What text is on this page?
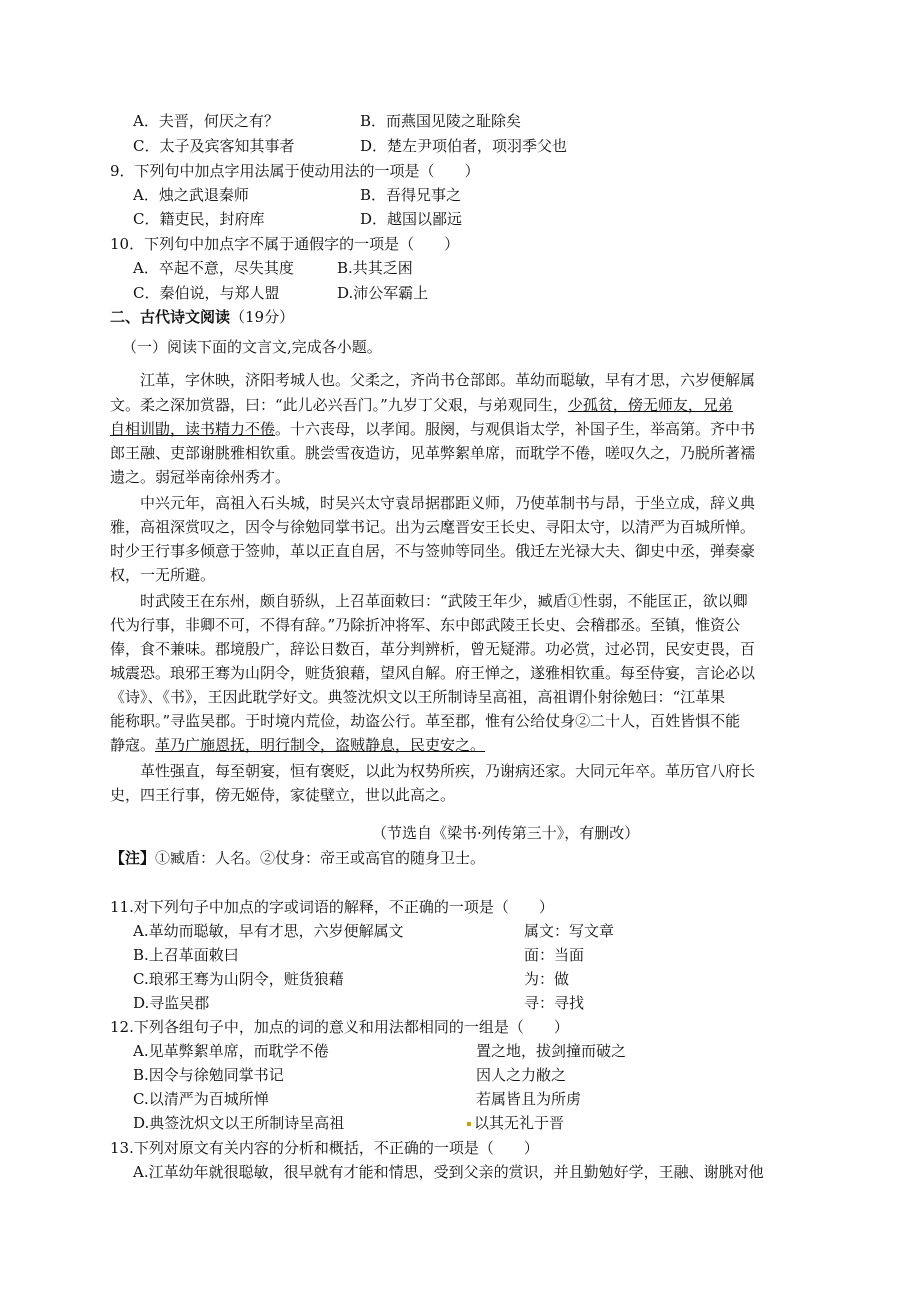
A．夫晋，何厌之有？	B．而燕国见陵之耻除矣
C．太子及宾客知其事者	D．楚左尹项伯者，项羽季父也
9．下列句中加点字用法属于使动用法的一项是（　　）
A．烛之武退秦师	B．吾得兄事之
C．籍吏民，封府库	D．越国以鄙远
10．下列句中加点字不属于通假字的一项是（　　）
A．卒起不意，尽失其度	B.共其乏困
C．秦伯说，与郑人盟	D.沛公军霸上
二、古代诗文阅读（19分）
（一）阅读下面的文言文,完成各小题。
江革，字休映，济阳考城人也。父柔之，齐尚书仓部郎。革幼而聪敏，早有才思，六岁便解属
文。柔之深加赏器，曰：“此儿必兴吾门。”九岁丁父艰，与弟观同生，少孤贫，傍无师友，兄弟
自相训勖，读书精力不倦。十六丧母，以孝闻。服阕，与观俱诣太学，补国子生，举高第。齐中书
郎王融、吏部谢朓雅相钦重。朓尝雪夜造访，见革弊絮单席，而耽学不倦，嗟叹久之，乃脱所著襦
遗之。弱冠举南徐州秀才。
中兴元年，高祖入石头城，时吴兴太守袁昂据郡距义师，乃使革制书与昂，于坐立成，辞义典
雅，高祖深赏叹之，因令与徐勉同掌书记。出为云麾晋安王长史、寻阳太守，以清严为百城所惮。
时少王行事多倾意于签帅，革以正直自居，不与签帅等同坐。俄迁左光禄大夫、御史中丞，弹奏豪
权，一无所避。
时武陵王在东州，颇自骄纵，上召革面敕曰：“武陵王年少，臧盾①性弱，不能匡正，欲以卿
代为行事，非卿不可，不得有辞。”乃除折冲将军、东中郎武陵王长史、会稽郡丞。至镇，惟资公
俸，食不兼味。郡境殷广，辞讼日数百，革分判辨析，曾无疑滞。功必赏，过必罚，民安吏畏，百
城震恐。琅邪王骞为山阴令，赃货狼藉，望风自解。府王惮之，遂雅相钦重。每至侍宴，言论必以
《诗》、《书》，王因此耽学好文。典签沈炽文以王所制诗呈高祖，高祖谓仆射徐勉曰：“江革果
能称职。”寻监吴郡。于时境内荒俭，劫盗公行。革至郡，惟有公给仗身②二十人，百姓皆惧不能
静寇。革乃广施恩抚，明行制令，盗贼静息，民吏安之。
革性强直，每至朝宴，恒有褒贬，以此为权势所疾，乃谢病还家。大同元年卒。革历官八府长
史，四王行事，傍无姬侍，家徒壁立，世以此高之。
（节选自《梁书·列传第三十》，有删改）
【注】①臧盾：人名。②仗身：帝王或高官的随身卫士。
11.对下列句子中加点的字或词语的解释，不正确的一项是（　　）
A.革幼而聪敏，早有才思，六岁便解属文	属文：写文章
B.上召革面敕曰	面：当面
C.琅邪王骞为山阴令，赃货狼藉	为：做
D.寻监吴郡	寻：寻找
12.下列各组句子中，加点的词的意义和用法都相同的一组是（　　）
A.见革弊絮单席，而耽学不倦	置之地，拔剑撞而破之
B.因令与徐勉同掌书记	因人之力敝之
C.以清严为百城所惮	若属皆且为所虏
D.典签沈炽文以王所制诗呈高祖	以其无礼于晋
13.下列对原文有关内容的分析和概括，不正确的一项是（　　）
A.江革幼年就很聪敏，很早就有才能和情思，受到父亲的赏识，并且勤勉好学，王融、谢朓对他
